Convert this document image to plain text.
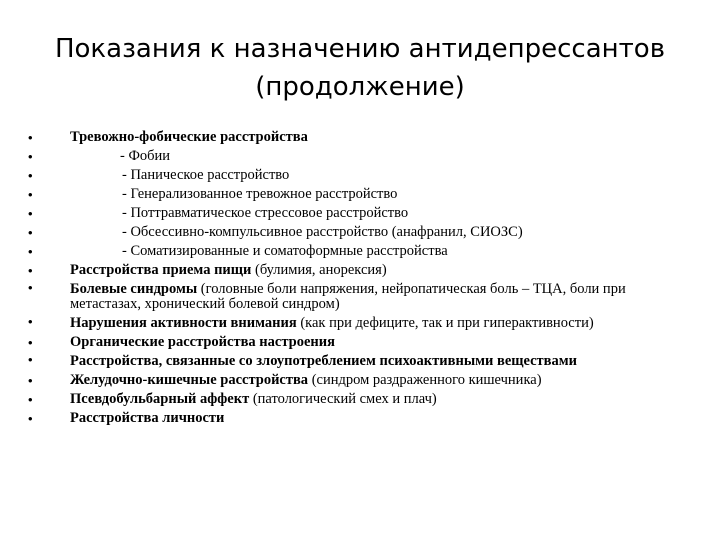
Показания к назначению антидепрессантов
(продолжение)
• Тревожно-фобические расстройства
• - Фобии
• - Паническое расстройство
• - Генерализованное тревожное расстройство
• - Поттравматическое стрессовое расстройство
• - Обсессивно-компульсивное расстройство (анафранил, СИОЗС)
• - Соматизированные и соматоформные расстройства
• Расстройства приема пищи (булимия, анорексия)
• Болевые синдромы (головные боли напряжения, нейропатическая боль – ТЦА, боли при метастазах, хронический болевой синдром)
• Нарушения активности внимания (как при дефиците, так и при гиперактивности)
• Органические расстройства настроения
• Расстройства, связанные со злоупотреблением психоактивными веществами
• Желудочно-кишечные расстройства (синдром раздраженного кишечника)
• Псевдобульбарный аффект (патологический смех и плач)
• Расстройства личности
